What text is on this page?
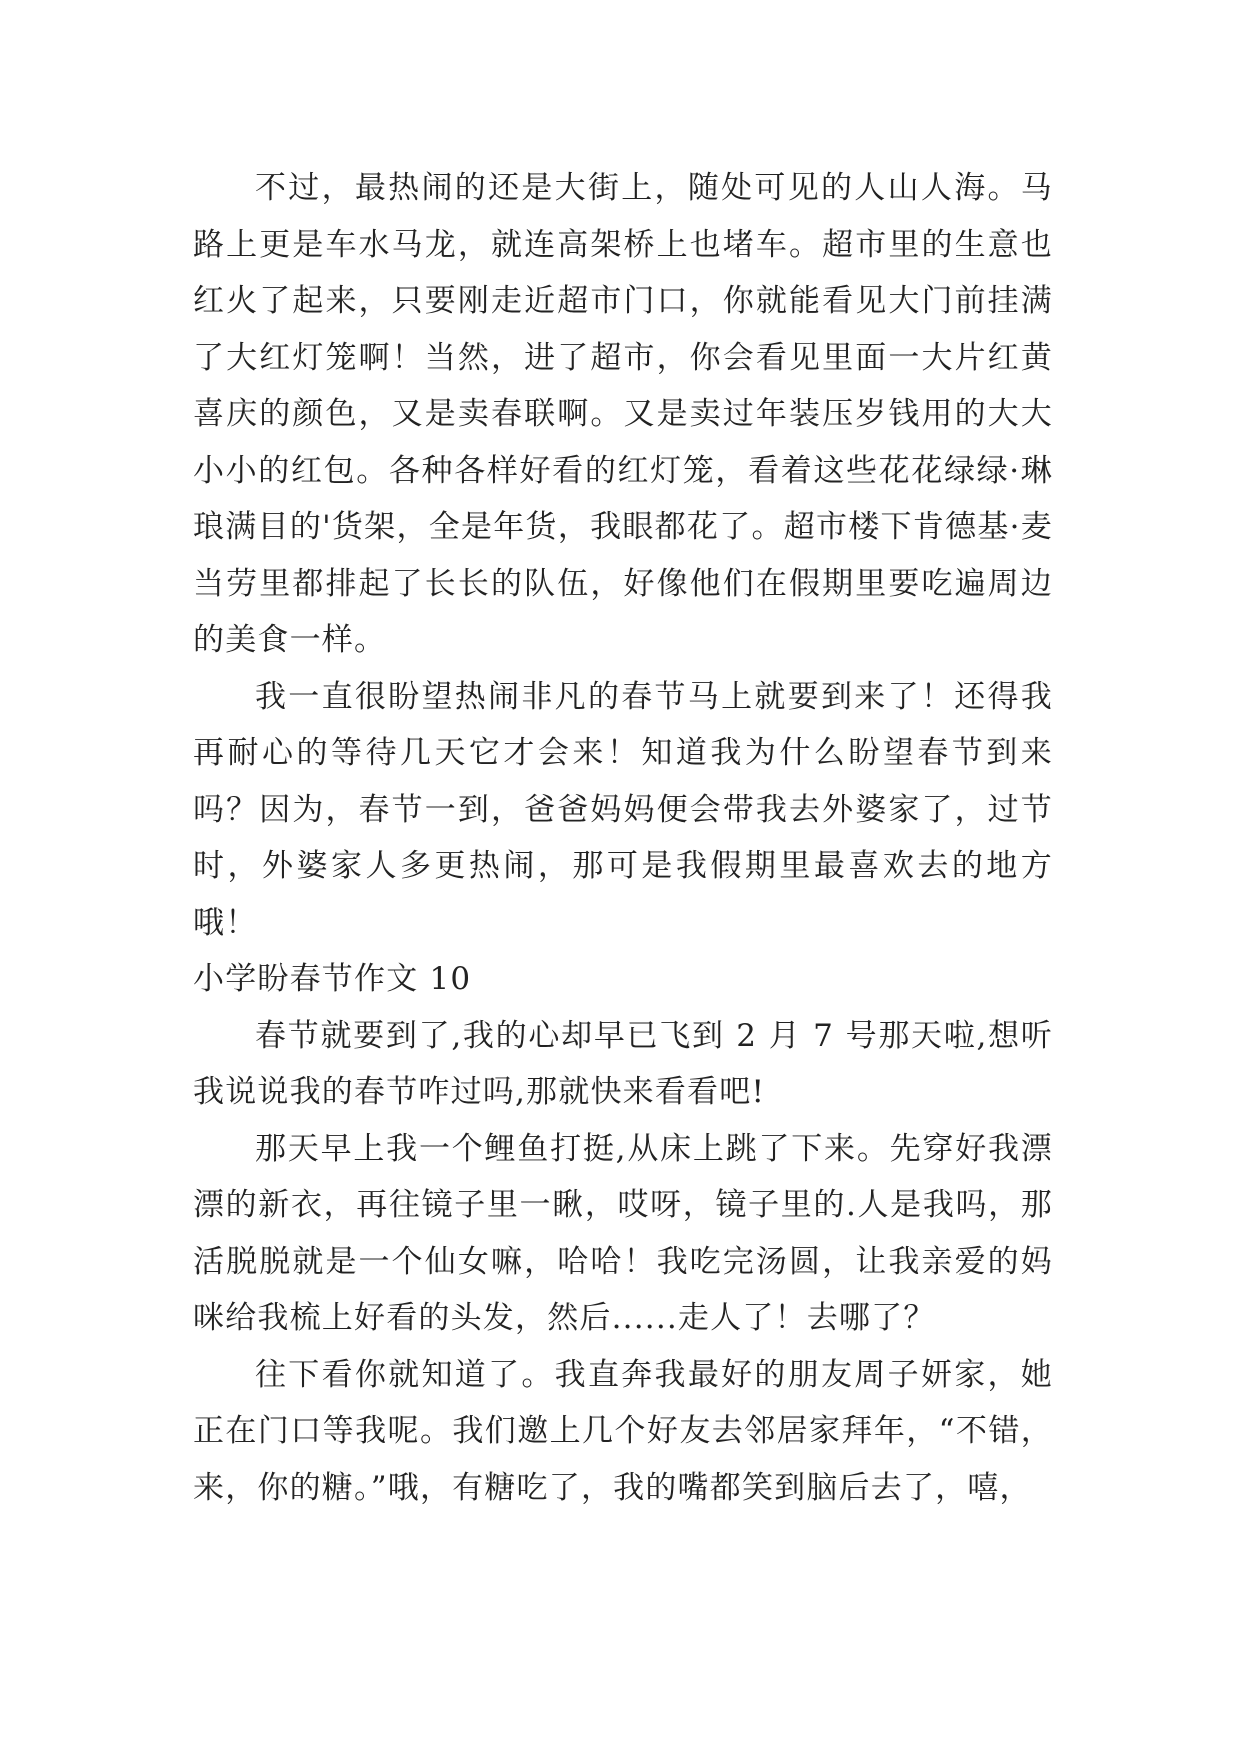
不过，最热闹的还是大街上，随处可见的人山人海。马路上更是车水马龙，就连高架桥上也堵车。超市里的生意也红火了起来，只要刚走近超市门口，你就能看见大门前挂满了大红灯笼啊！当然，进了超市，你会看见里面一大片红黄喜庆的颜色，又是卖春联啊。又是卖过年装压岁钱用的大大小小的红包。各种各样好看的红灯笼，看着这些花花绿绿·琳琅满目的'货架，全是年货，我眼都花了。超市楼下肯德基·麦当劳里都排起了长长的队伍，好像他们在假期里要吃遍周边的美食一样。

我一直很盼望热闹非凡的春节马上就要到来了！还得我再耐心的等待几天它才会来！知道我为什么盼望春节到来吗？因为，春节一到，爸爸妈妈便会带我去外婆家了，过节时，外婆家人多更热闹，那可是我假期里最喜欢去的地方哦！

小学盼春节作文 10

春节就要到了,我的心却早已飞到 2 月 7 号那天啦,想听我说说我的春节咋过吗,那就快来看看吧!

那天早上我一个鲤鱼打挺,从床上跳了下来。先穿好我漂漂的新衣，再往镜子里一瞅，哎呀，镜子里的.人是我吗，那活脱脱就是一个仙女嘛，哈哈！我吃完汤圆，让我亲爱的妈咪给我梳上好看的头发，然后......走人了！去哪了？

往下看你就知道了。我直奔我最好的朋友周子妍家，她正在门口等我呢。我们邀上几个好友去邻居家拜年，“不错，来，你的糖。”哦，有糖吃了，我的嘴都笑到脑后去了，嘻，
